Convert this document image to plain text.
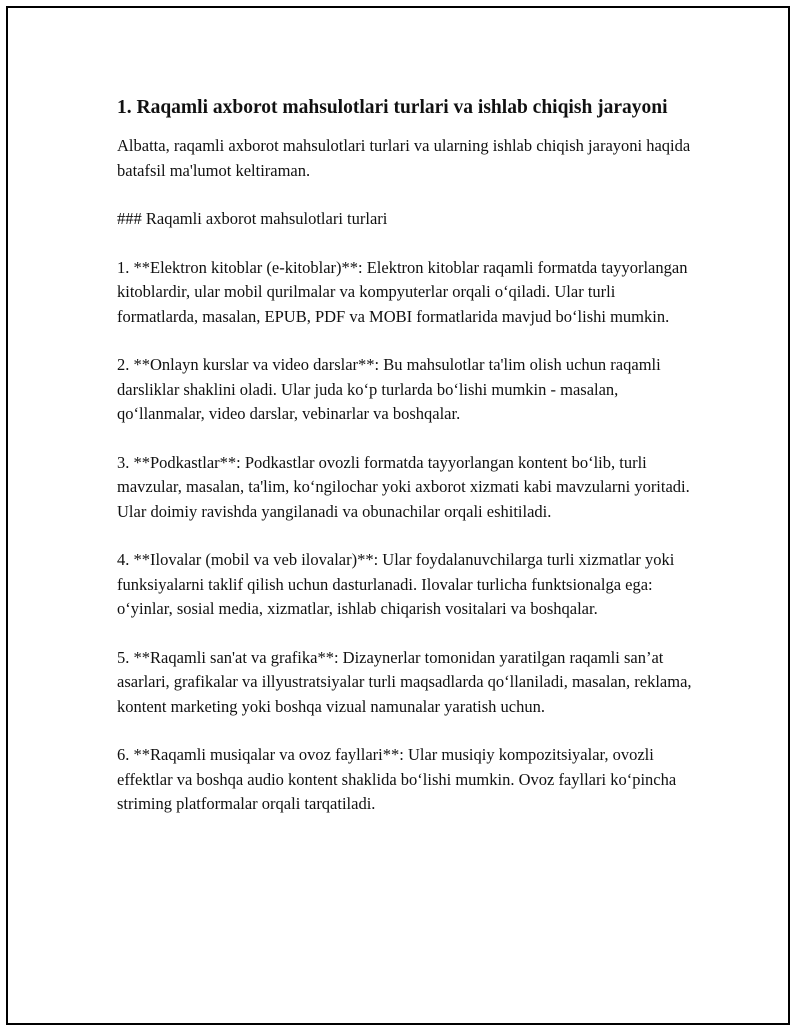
1. Raqamli axborot mahsulotlari turlari va ishlab chiqish jarayoni

Albatta, raqamli axborot mahsulotlari turlari va ularning ishlab chiqish jarayoni haqida batafsil ma'lumot keltiraman.

### Raqamli axborot mahsulotlari turlari

1. **Elektron kitoblar (e-kitoblar)**: Elektron kitoblar raqamli formatda tayyorlangan kitoblardir, ular mobil qurilmalar va kompyuterlar orqali o‘qiladi. Ular turli formatlarda, masalan, EPUB, PDF va MOBI formatlarida mavjud bo‘lishi mumkin.

2. **Onlayn kurslar va video darslar**: Bu mahsulotlar ta'lim olish uchun raqamli darsliklar shaklini oladi. Ular juda ko‘p turlarda bo‘lishi mumkin - masalan, qo‘llanmalar, video darslar, vebinarlar va boshqalar.

3. **Podkastlar**: Podkastlar ovozli formatda tayyorlangan kontent bo‘lib, turli mavzular, masalan, ta'lim, ko‘ngilochar yoki axborot xizmati kabi mavzularni yoritadi. Ular doimiy ravishda yangilanadi va obunachilar orqali eshitiladi.

4. **Ilovalar (mobil va veb ilovalar)**: Ular foydalanuvchilarga turli xizmatlar yoki funksiyalarni taklif qilish uchun dasturlanadi. Ilovalar turlicha funktsionalga ega: o‘yinlar, sosial media, xizmatlar, ishlab chiqarish vositalari va boshqalar.

5. **Raqamli san'at va grafika**: Dizaynerlar tomonidan yaratilgan raqamli san’at asarlari, grafikalar va illyustratsiyalar turli maqsadlarda qo‘llaniladi, masalan, reklama, kontent marketing yoki boshqa vizual namunalar yaratish uchun.

6. **Raqamli musiqalar va ovoz fayllari**: Ular musiqiy kompozitsiyalar, ovozli effektlar va boshqa audio kontent shaklida bo‘lishi mumkin. Ovoz fayllari ko‘pincha striming platformalar orqali tarqatiladi.
